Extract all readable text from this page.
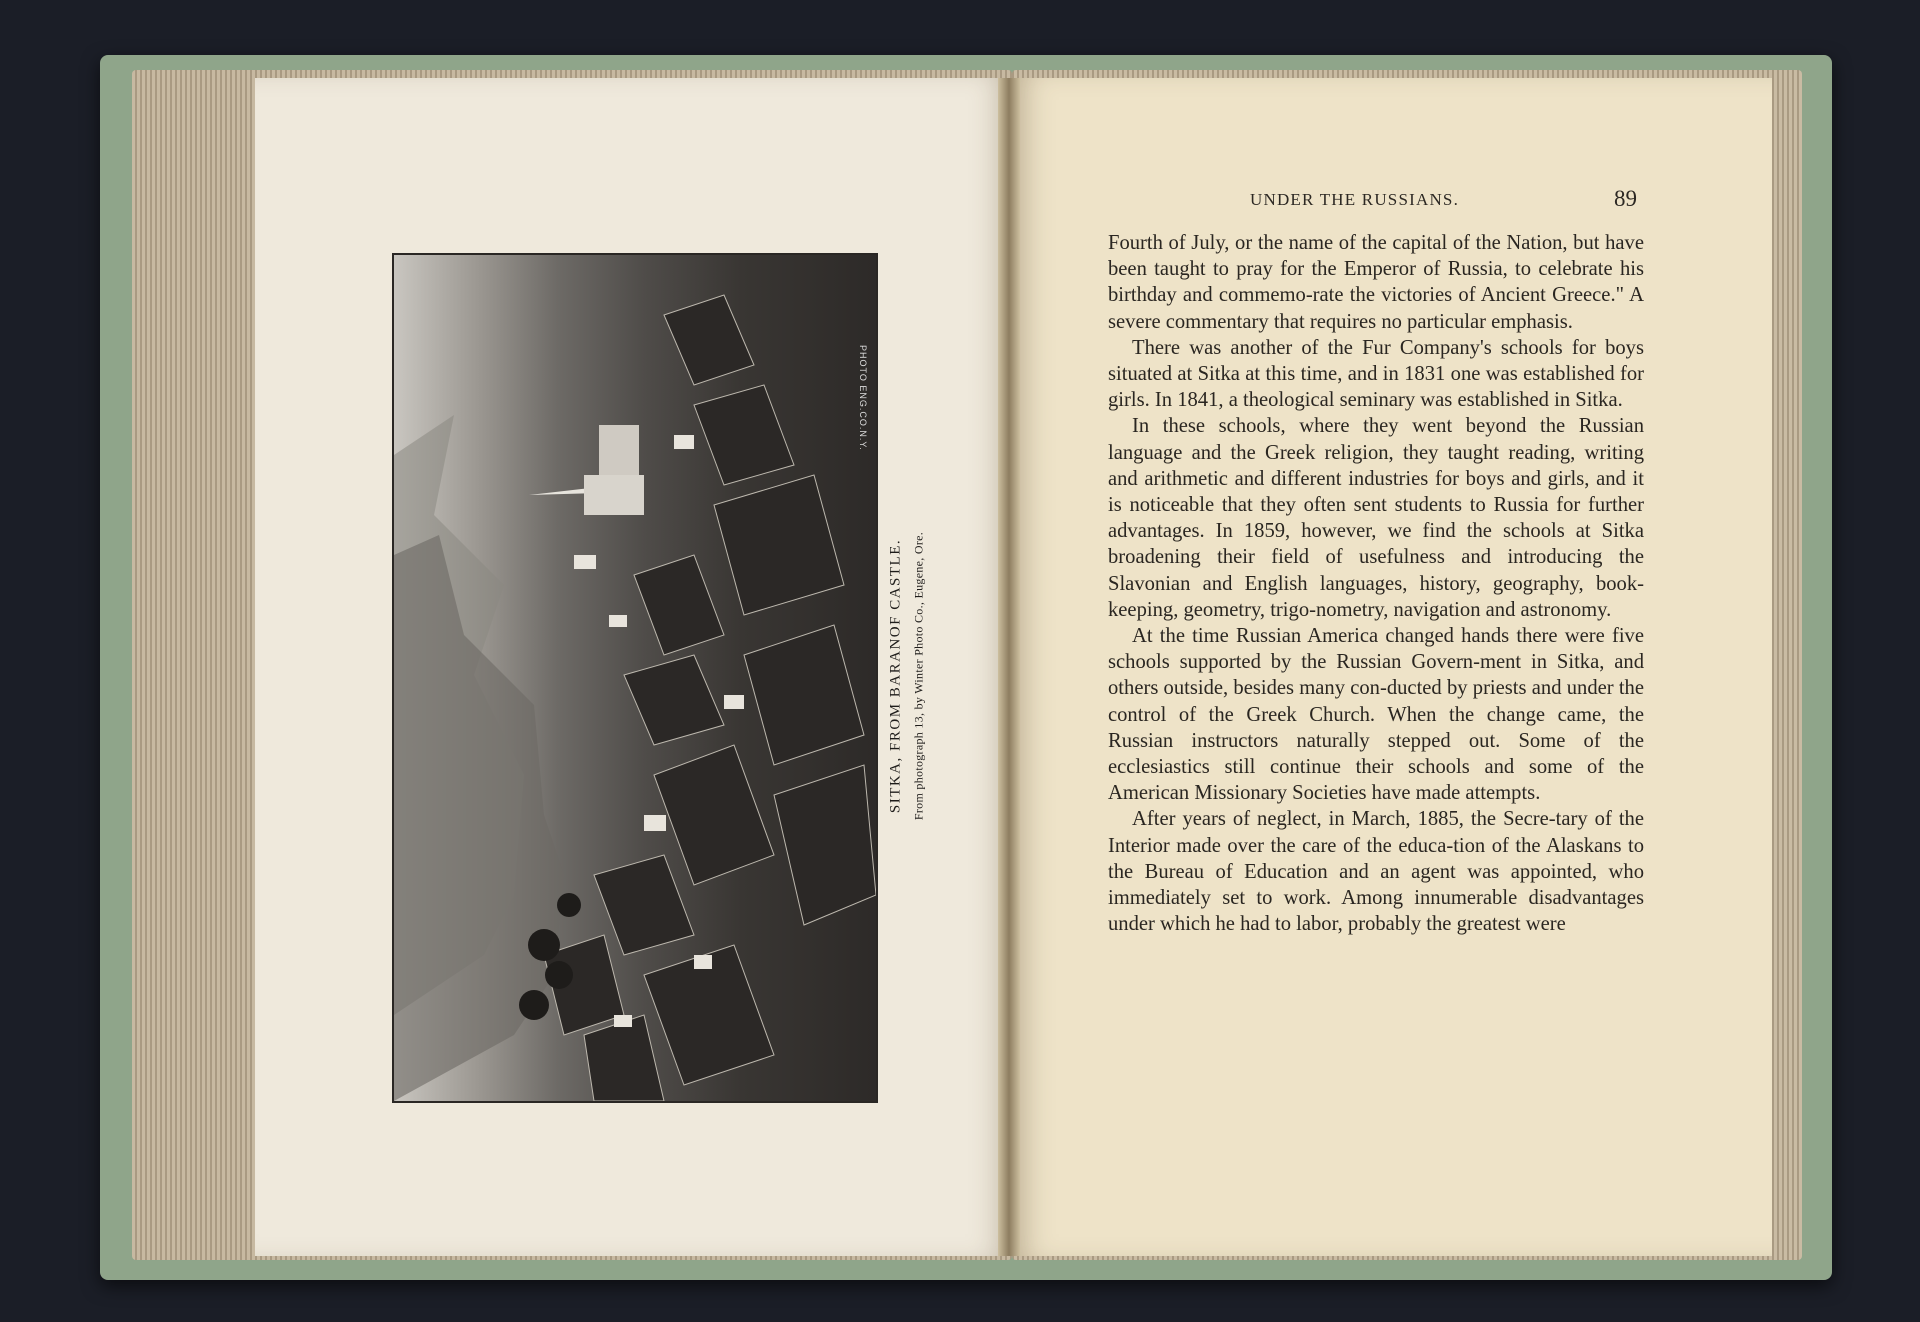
PHOTO ENG.CO.N.Y.
SITKA, FROM BARANOF CASTLE. From photograph 13, by Winter Photo Co., Eugene, Ore.
UNDER THE RUSSIANS.	89

Fourth of July, or the name of the capital of the Nation, but have been taught to pray for the Emperor of Russia, to celebrate his birthday and commemo-rate the victories of Ancient Greece." A severe commentary that requires no particular emphasis.

There was another of the Fur Company's schools for boys situated at Sitka at this time, and in 1831 one was established for girls. In 1841, a theological seminary was established in Sitka.

In these schools, where they went beyond the Russian language and the Greek religion, they taught reading, writing and arithmetic and different industries for boys and girls, and it is noticeable that they often sent students to Russia for further advantages. In 1859, however, we find the schools at Sitka broadening their field of usefulness and introducing the Slavonian and English languages, history, geography, book-keeping, geometry, trigo-nometry, navigation and astronomy.

At the time Russian America changed hands there were five schools supported by the Russian Govern-ment in Sitka, and others outside, besides many con-ducted by priests and under the control of the Greek Church. When the change came, the Russian instructors naturally stepped out. Some of the ecclesiastics still continue their schools and some of the American Missionary Societies have made attempts.

After years of neglect, in March, 1885, the Secre-tary of the Interior made over the care of the educa-tion of the Alaskans to the Bureau of Education and an agent was appointed, who immediately set to work. Among innumerable disadvantages under which he had to labor, probably the greatest were
